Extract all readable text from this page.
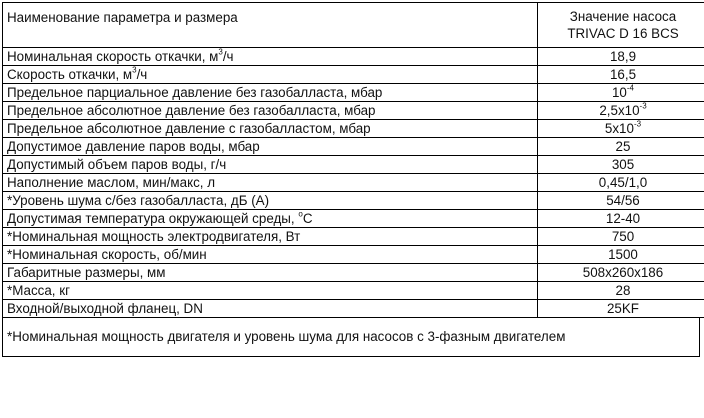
Наименование параметра и размера	Значение насоса
TRIVAC D 16 BCS
Номинальная скорость откачки, $м^3/ч$	18,9
Скорость откачки, $м^3/ч$	16,5
Предельное парциальное давление без газобалласта, мбар	$10^{-4}$
Предельное абсолютное давление без газобалласта, мбар	$2,5x10^{-3}$
Предельное абсолютное давление с газобалластом, мбар	$5x10^{-3}$
Допустимое давление паров воды, мбар	25
Допустимый объем паров воды, г/ч	305
Наполнение маслом, мин/макс, л	0,45/1,0
*Уровень шума с/без газобалласта, дБ (А)	54/56
Допустимая температура окружающей среды, $^o$C	12-40
*Номинальная мощность электродвигателя, Вт	750
*Номинальная скорость, об/мин	1500
Габаритные размеры, мм	508x260x186
*Масса, кг	28
Входной/выходной фланец, DN	25KF
*Номинальная мощность двигателя и уровень шума для насосов с 3-фазным двигателем
